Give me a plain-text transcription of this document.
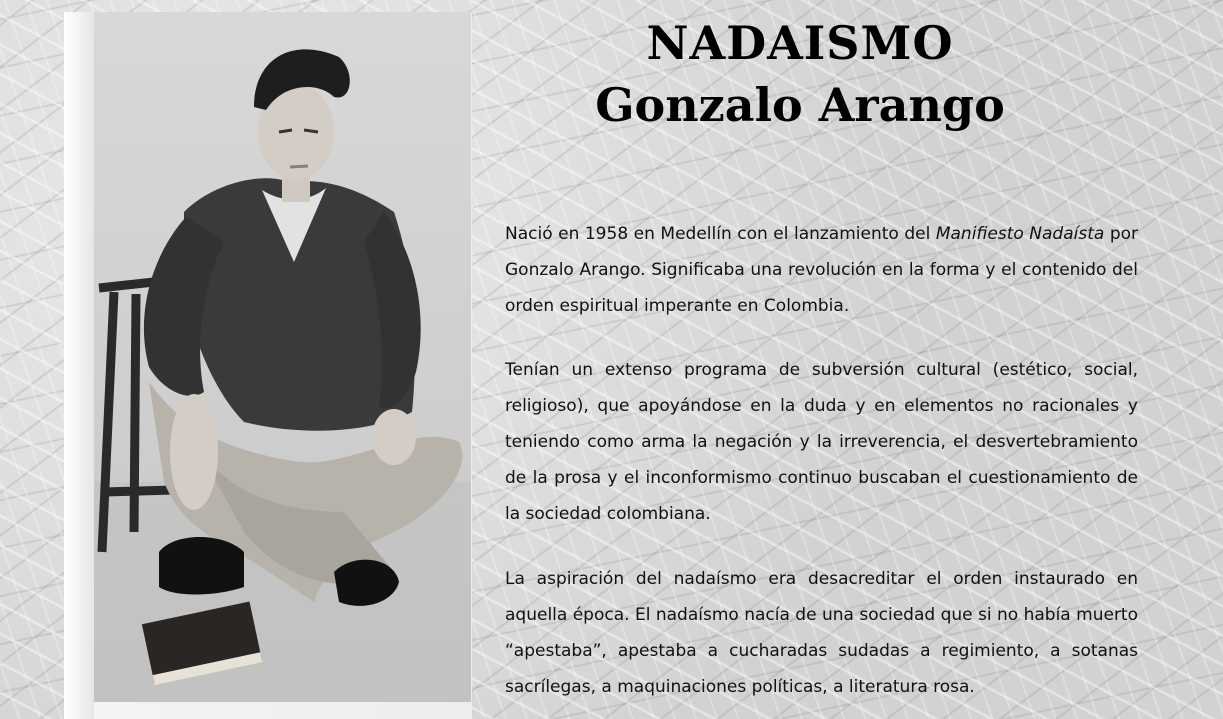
NADAISMO
Gonzalo Arango

Nació en 1958 en Medellín con el lanzamiento del Manifiesto Nadaísta por Gonzalo Arango. Significaba una revolución en la forma y el contenido del orden espiritual imperante en Colombia.

Tenían un extenso programa de subversión cultural (estético, social, religioso), que apoyándose en la duda y en elementos no racionales y teniendo como arma la negación y la irreverencia, el desvertebramiento de la prosa y el inconformismo continuo buscaban el cuestionamiento de la sociedad colombiana.

La aspiración del nadaísmo era desacreditar el orden instaurado en aquella época. El nadaísmo nacía de una sociedad que si no había muerto “apestaba”, apestaba a cucharadas sudadas a regimiento, a sotanas sacrílegas, a maquinaciones políticas, a literatura rosa.
